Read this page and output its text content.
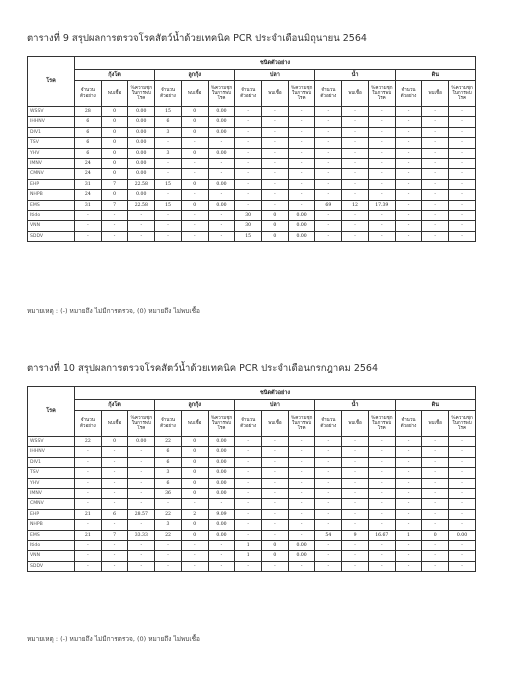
ตารางที่ 9 สรุปผลการตรวจโรคสัตว์น้ำด้วยเทคนิค PCR ประจำเดือนมิถุนายน 2564
โรค	ชนิดตัวอย่าง														
	กุ้งโต			ลูกกุ้ง			ปลา			น้ำ			ดิน		
	จำนวนตัวอย่าง	พบเชื้อ	%ความชุกในการพบโรค	จำนวนตัวอย่าง	พบเชื้อ	%ความชุกในการพบโรค	จำนวนตัวอย่าง	พบเชื้อ	%ความชุกในการพบโรค	จำนวนตัวอย่าง	พบเชื้อ	%ความชุกในการพบโรค	จำนวนตัวอย่าง	พบเชื้อ	%ความชุกในการพบโรค
WSSV	28	0	0.00	15	0	0.00	-	-	-	-	-	-	-	-	-
IHHNV	6	0	0.00	6	0	0.00	-	-	-	-	-	-	-	-	-
DIV1	6	0	0.00	3	0	0.00	-	-	-	-	-	-	-	-	-
TSV	6	0	0.00	-	-	-	-	-	-	-	-	-	-	-	-
YHV	6	0	0.00	3	0	0.00	-	-	-	-	-	-	-	-	-
IMNV	24	0	0.00	-	-	-	-	-	-	-	-	-	-	-	-
CMNV	24	0	0.00	-	-	-	-	-	-	-	-	-	-	-	-
EHP	31	7	22.58	15	0	0.00	-	-	-	-	-	-	-	-	-
NHPB	24	0	0.00	-	-	-	-	-	-	-	-	-	-	-	-
EMS	31	7	22.58	15	0	0.00	-	-	-	69	12	17.39	-	-	-
Itido	-	-	-	-	-	-	30	0	0.00	-	-	-	-	-	-
VNN	-	-	-	-	-	-	30	0	0.00	-	-	-	-	-	-
SDDV	-	-	-	-	-	-	15	0	0.00	-	-	-	-	-	-
หมายเหตุ : (-) หมายถึง ไม่มีการตรวจ, (0) หมายถึง ไม่พบเชื้อ
ตารางที่ 10 สรุปผลการตรวจโรคสัตว์น้ำด้วยเทคนิค PCR ประจำเดือนกรกฎาคม 2564
โรค	ชนิดตัวอย่าง														
	กุ้งโต			ลูกกุ้ง			ปลา			น้ำ			ดิน		
	จำนวนตัวอย่าง	พบเชื้อ	%ความชุกในการพบโรค	จำนวนตัวอย่าง	พบเชื้อ	%ความชุกในการพบโรค	จำนวนตัวอย่าง	พบเชื้อ	%ความชุกในการพบโรค	จำนวนตัวอย่าง	พบเชื้อ	%ความชุกในการพบโรค	จำนวนตัวอย่าง	พบเชื้อ	%ความชุกในการพบโรค
WSSV	22	0	0.00	22	0	0.00	-	-	-	-	-	-	-	-	-
IHHNV	-	-	-	6	0	0.00	-	-	-	-	-	-	-	-	-
DIV1	-	-	-	6	0	0.00	-	-	-	-	-	-	-	-	-
TSV	-	-	-	3	0	0.00	-	-	-	-	-	-	-	-	-
YHV	-	-	-	6	0	0.00	-	-	-	-	-	-	-	-	-
IMNV	-	-	-	36	0	0.00	-	-	-	-	-	-	-	-	-
CMNV	-	-	-	-	-	-	-	-	-	-	-	-	-	-	-
EHP	21	6	28.57	22	2	9.09	-	-	-	-	-	-	-	-	-
NHPB	-	-	-	3	0	0.00	-	-	-	-	-	-	-	-	-
EMS	21	7	33.33	22	0	0.00	-	-	-	54	9	16.67	1	0	0.00
Itido	-	-	-	-	-	-	1	0	0.00	-	-	-	-	-	-
VNN	-	-	-	-	-	-	1	0	0.00	-	-	-	-	-	-
SDDV	-	-	-	-	-	-	-	-	-	-	-	-	-	-	-
หมายเหตุ : (-) หมายถึง ไม่มีการตรวจ, (0) หมายถึง ไม่พบเชื้อ
